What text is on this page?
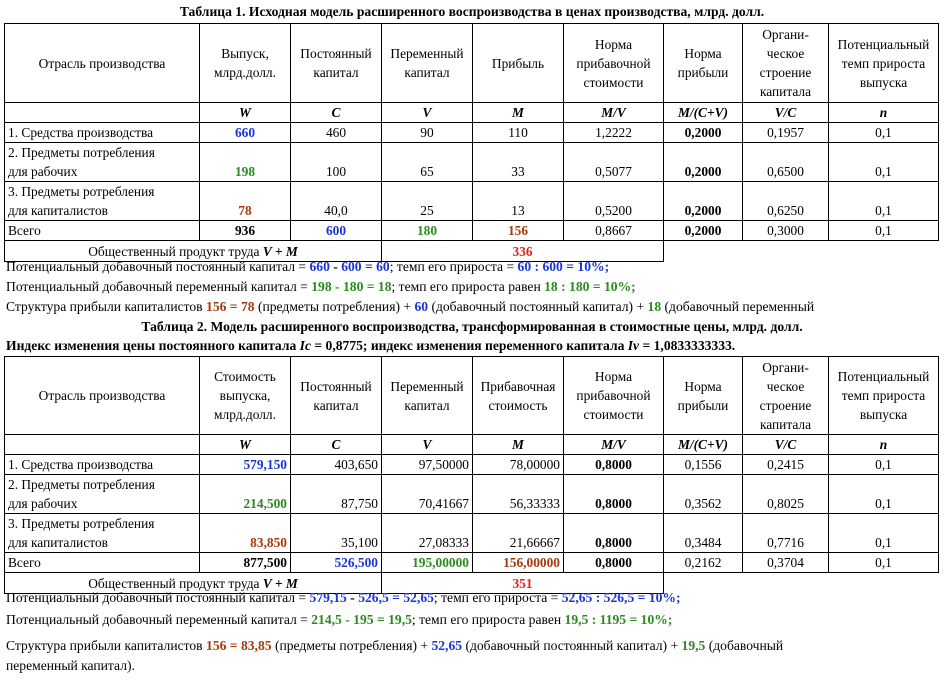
Таблица 1. Исходная модель расширенного воспроизводства в ценах производства, млрд. долл.
Отрасль производства	Выпуск, млрд.долл.	Постоянный капитал	Переменный капитал	Прибыль	Норма прибавочной стоимости	Норма прибыли	Органи-ческое строение капитала	Потенциальный темп прироста выпуска
	W	C	V	M	M/V	M/(C+V)	V/C	n
1. Средства производства	660	460	90	110	1,2222	0,2000	0,1957	0,1
2. Предметы потребления
для рабочих	198	100	65	33	0,5077	0,2000	0,6500	0,1
3. Предметы ротребления
для капиталистов	78	40,0	25	13	0,5200	0,2000	0,6250	0,1
Всего	936	600	180	156	0,8667	0,2000	0,3000	0,1
Общественный продукт труда V + M			336					
Потенциальный добавочный постоянный капитал = 660 - 600 = 60; темп его прироста = 60 : 600 = 10%;
Потенциальный добавочный переменный капитал = 198 - 180 = 18; темп его прироста равен 18 : 180 = 10%;
Структура прибыли капиталистов 156 = 78 (предметы потребления) + 60 (добавочный постоянный капитал) + 18 (добавочный переменный
Таблица 2. Модель расширенного воспроизводства, трансформированная в стоимостные цены, млрд. долл.
Индекс изменения цены постоянного капитала Ic = 0,8775; индекс изменения переменного капитала Iv = 1,0833333333.
Отрасль производства	Стоимость выпуска, млрд.долл.	Постоянный капитал	Переменный капитал	Прибавочная стоимость	Норма прибавочной стоимости	Норма прибыли	Органи-ческое строение капитала	Потенциальный темп прироста выпуска
	W	C	V	M	M/V	M/(C+V)	V/C	n
1. Средства производства	579,150	403,650	97,50000	78,00000	0,8000	0,1556	0,2415	0,1
2. Предметы потребления
для рабочих	214,500	87,750	70,41667	56,33333	0,8000	0,3562	0,8025	0,1
3. Предметы ротребления
для капиталистов	83,850	35,100	27,08333	21,66667	0,8000	0,3484	0,7716	0,1
Всего	877,500	526,500	195,00000	156,00000	0,8000	0,2162	0,3704	0,1
Общественный продукт труда V + M			351					
Потенциальный добавочный постоянный капитал = 579,15 - 526,5 = 52,65; темп его прироста = 52,65 : 526,5 = 10%;
Потенциальный добавочный переменный капитал = 214,5 - 195 = 19,5; темп его прироста равен 19,5 : 1195 = 10%;
Структура прибыли капиталистов 156 = 83,85 (предметы потребления) + 52,65 (добавочный постоянный капитал) + 19,5 (добавочный
переменный капитал).
